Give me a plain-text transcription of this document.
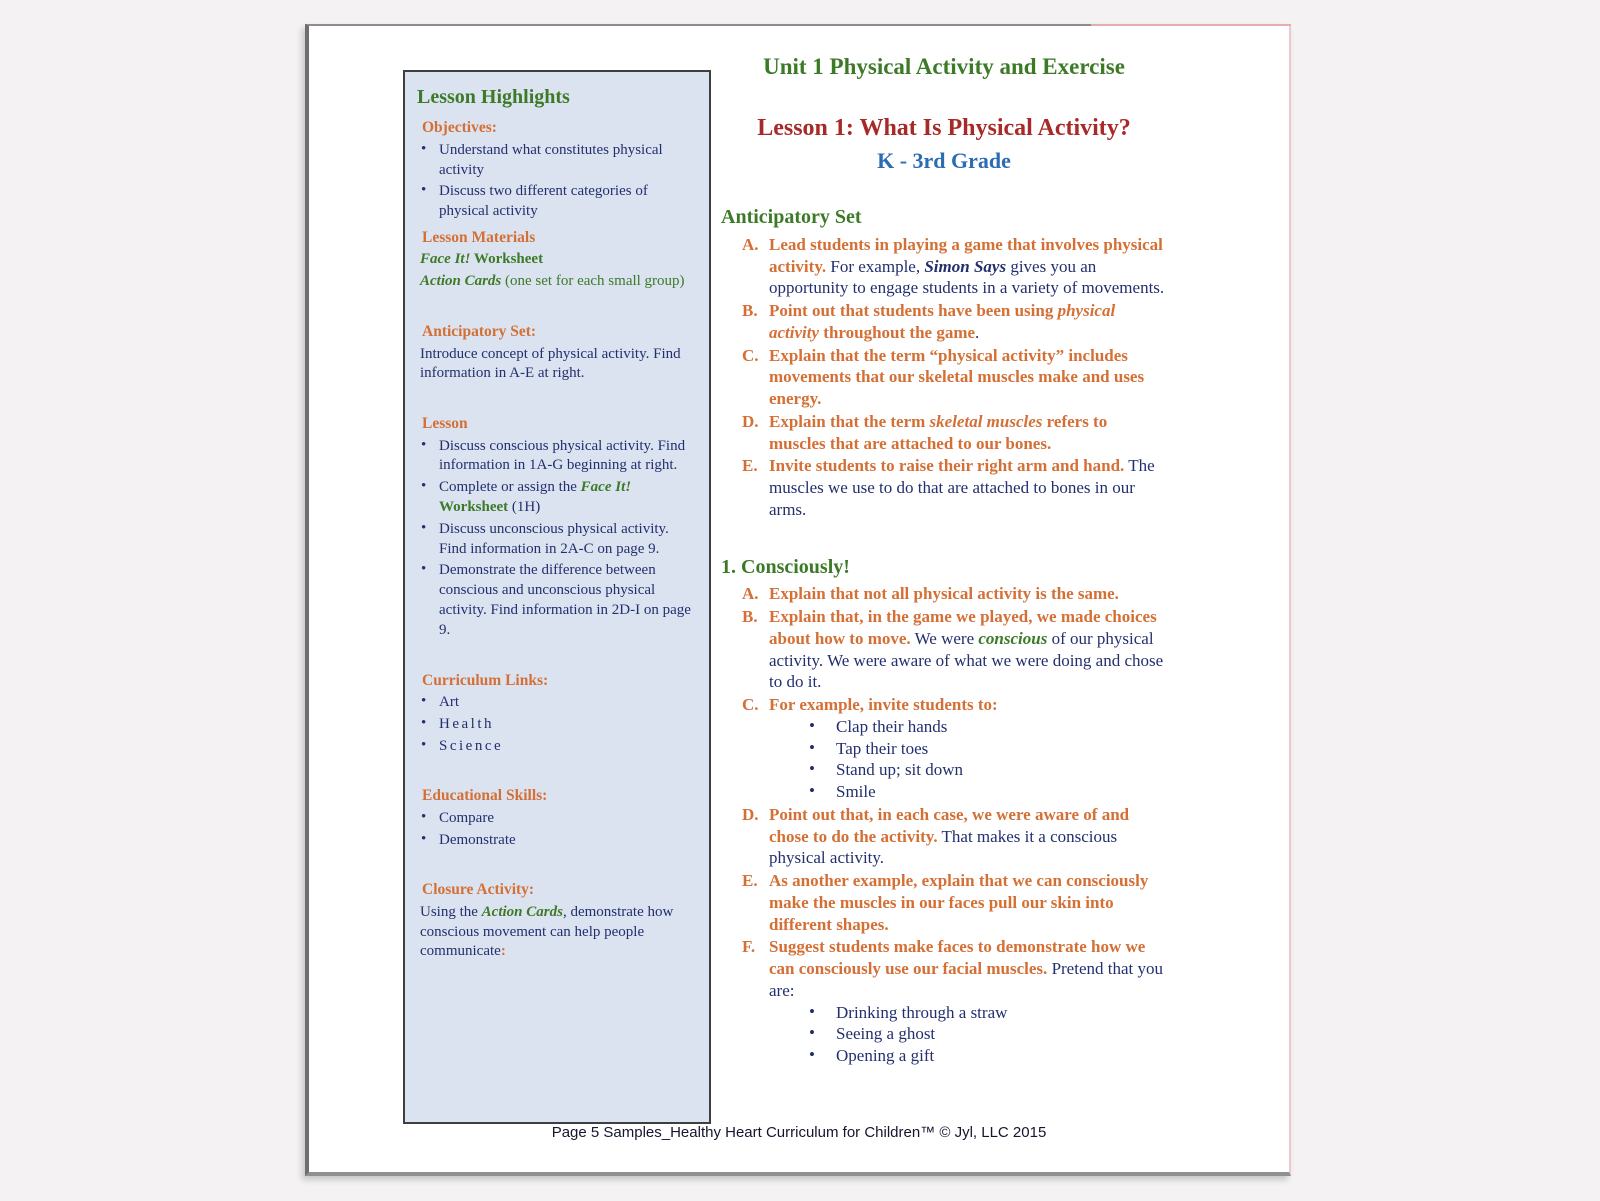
Lesson Highlights
Objectives:
• Understand what constitutes physical activity
• Discuss two different categories of physical activity
Lesson Materials
Face It! Worksheet
Action Cards (one set for each small group)
Anticipatory Set:
Introduce concept of physical activity. Find information in A-E at right.
Lesson
• Discuss conscious physical activity. Find information in 1A-G beginning at right.
• Complete or assign the Face It! Worksheet (1H)
• Discuss unconscious physical activity. Find information in 2A-C on page 9.
• Demonstrate the difference between conscious and unconscious physical activity. Find information in 2D-I on page 9.
Curriculum Links:
• Art
• Health
• Science
Educational Skills:
• Compare
• Demonstrate
Closure Activity:
Using the Action Cards, demonstrate how conscious movement can help people communicate:
Unit 1 Physical Activity and Exercise
Lesson 1: What Is Physical Activity?
K - 3rd Grade
Anticipatory Set
A. Lead students in playing a game that involves physical activity. For example, Simon Says gives you an opportunity to engage students in a variety of movements.
B. Point out that students have been using physical activity throughout the game.
C. Explain that the term “physical activity” includes movements that our skeletal muscles make and uses energy.
D. Explain that the term skeletal muscles refers to muscles that are attached to our bones.
E. Invite students to raise their right arm and hand. The muscles we use to do that are attached to bones in our arms.
1. Consciously!
A. Explain that not all physical activity is the same.
B. Explain that, in the game we played, we made choices about how to move. We were conscious of our physical activity. We were aware of what we were doing and chose to do it.
C. For example, invite students to:
• Clap their hands
• Tap their toes
• Stand up; sit down
• Smile
D. Point out that, in each case, we were aware of and chose to do the activity. That makes it a conscious physical activity.
E. As another example, explain that we can consciously make the muscles in our faces pull our skin into different shapes.
F. Suggest students make faces to demonstrate how we can consciously use our facial muscles. Pretend that you are:
• Drinking through a straw
• Seeing a ghost
• Opening a gift
Page 5 Samples_Healthy Heart Curriculum for Children™ © Jyl, LLC 2015
